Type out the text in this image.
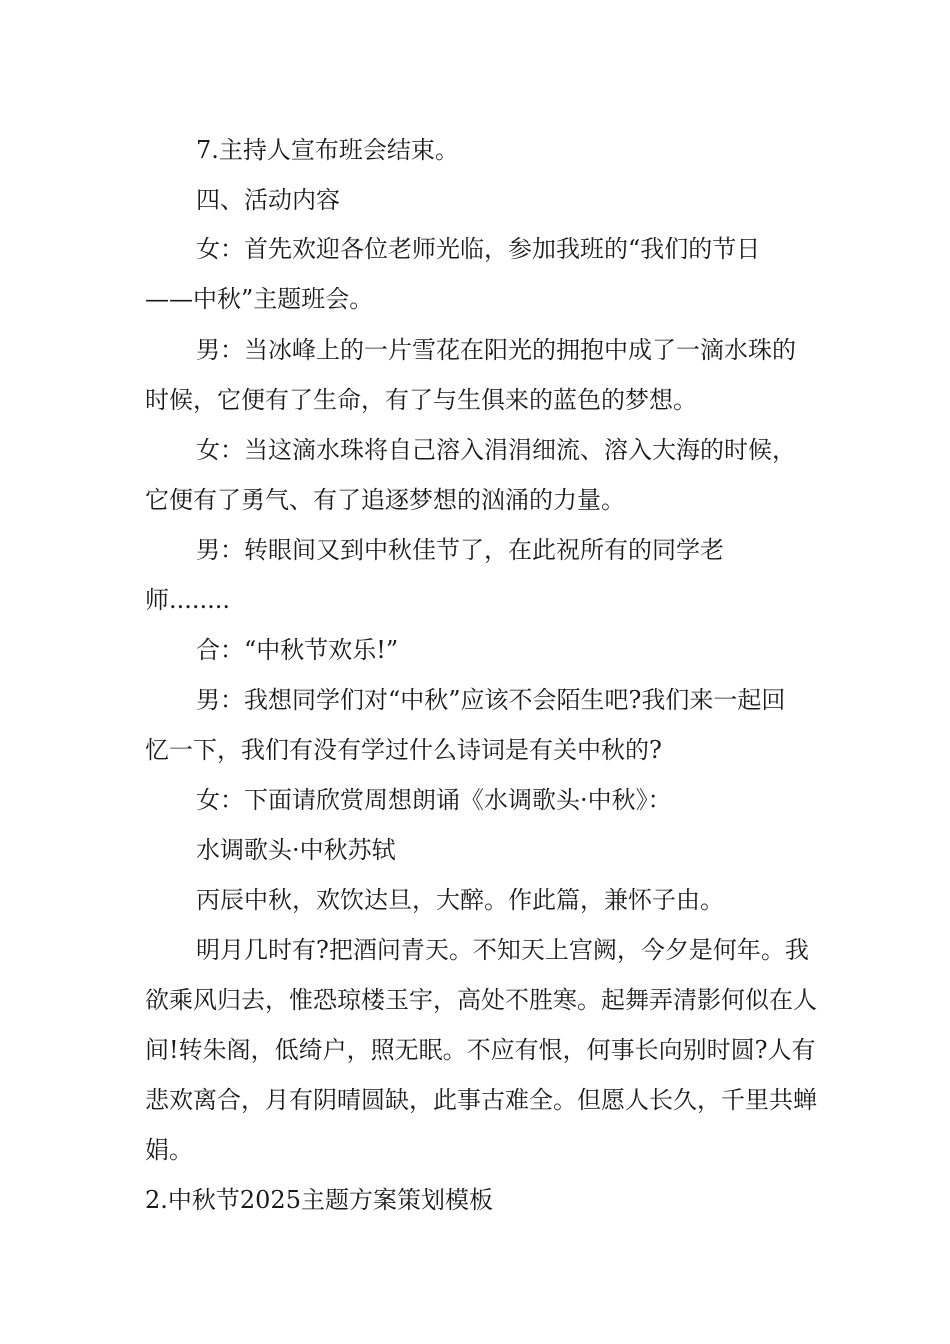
7.主持人宣布班会结束。

四、活动内容

女：首先欢迎各位老师光临，参加我班的“我们的节日——中秋”主题班会。

男：当冰峰上的一片雪花在阳光的拥抱中成了一滴水珠的时候，它便有了生命，有了与生俱来的蓝色的梦想。

女：当这滴水珠将自己溶入涓涓细流、溶入大海的时候，它便有了勇气、有了追逐梦想的汹涌的力量。

男：转眼间又到中秋佳节了，在此祝所有的同学老师........

合：“中秋节欢乐!”

男：我想同学们对“中秋”应该不会陌生吧?我们来一起回忆一下，我们有没有学过什么诗词是有关中秋的?

女：下面请欣赏周想朗诵《水调歌头·中秋》：

水调歌头·中秋苏轼

丙辰中秋，欢饮达旦，大醉。作此篇，兼怀子由。

明月几时有?把酒问青天。不知天上宫阙，今夕是何年。我欲乘风归去，惟恐琼楼玉宇，高处不胜寒。起舞弄清影何似在人间!转朱阁，低绮户，照无眠。不应有恨，何事长向别时圆?人有悲欢离合，月有阴晴圆缺，此事古难全。但愿人长久，千里共蝉娟。

2.中秋节2025主题方案策划模板
